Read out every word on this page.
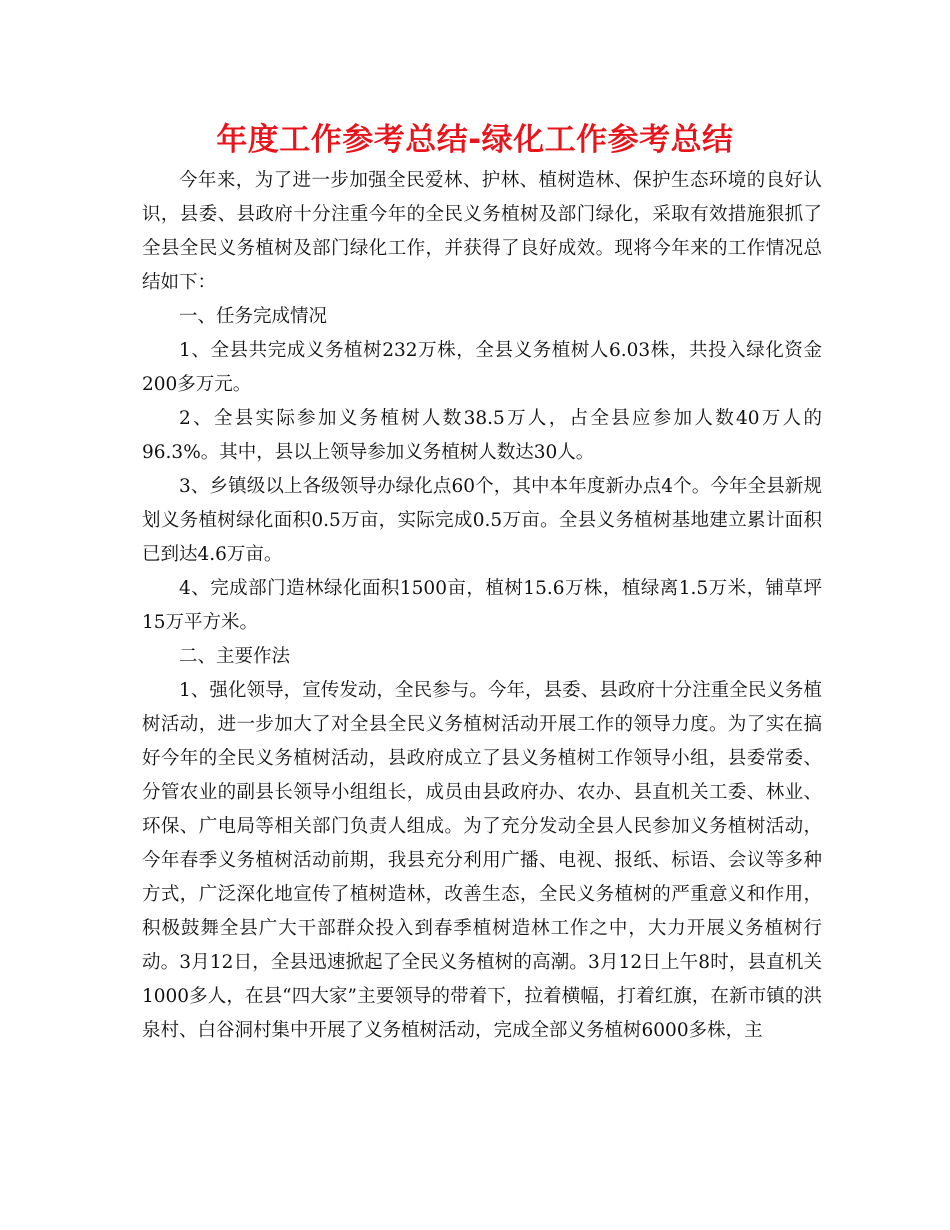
年度工作参考总结-绿化工作参考总结

今年来，为了进一步加强全民爱林、护林、植树造林、保护生态环境的良好认识，县委、县政府十分注重今年的全民义务植树及部门绿化，采取有效措施狠抓了全县全民义务植树及部门绿化工作，并获得了良好成效。现将今年来的工作情况总结如下：

一、任务完成情况

1、全县共完成义务植树232万株，全县义务植树人6.03株，共投入绿化资金200多万元。

2、全县实际参加义务植树人数38.5万人，占全县应参加人数40万人的96.3%。其中，县以上领导参加义务植树人数达30人。

3、乡镇级以上各级领导办绿化点60个，其中本年度新办点4个。今年全县新规划义务植树绿化面积0.5万亩，实际完成0.5万亩。全县义务植树基地建立累计面积已到达4.6万亩。

4、完成部门造林绿化面积1500亩，植树15.6万株，植绿离1.5万米，铺草坪15万平方米。

二、主要作法

1、强化领导，宣传发动，全民参与。今年，县委、县政府十分注重全民义务植树活动，进一步加大了对全县全民义务植树活动开展工作的领导力度。为了实在搞好今年的全民义务植树活动，县政府成立了县义务植树工作领导小组，县委常委、分管农业的副县长领导小组组长，成员由县政府办、农办、县直机关工委、林业、环保、广电局等相关部门负责人组成。为了充分发动全县人民参加义务植树活动，今年春季义务植树活动前期，我县充分利用广播、电视、报纸、标语、会议等多种方式，广泛深化地宣传了植树造林，改善生态，全民义务植树的严重意义和作用，积极鼓舞全县广大干部群众投入到春季植树造林工作之中，大力开展义务植树行动。3月12日，全县迅速掀起了全民义务植树的高潮。3月12日上午8时，县直机关1000多人，在县“四大家”主要领导的带着下，拉着横幅，打着红旗，在新市镇的洪泉村、白谷洞村集中开展了义务植树活动，完成全部义务植树6000多株，主
